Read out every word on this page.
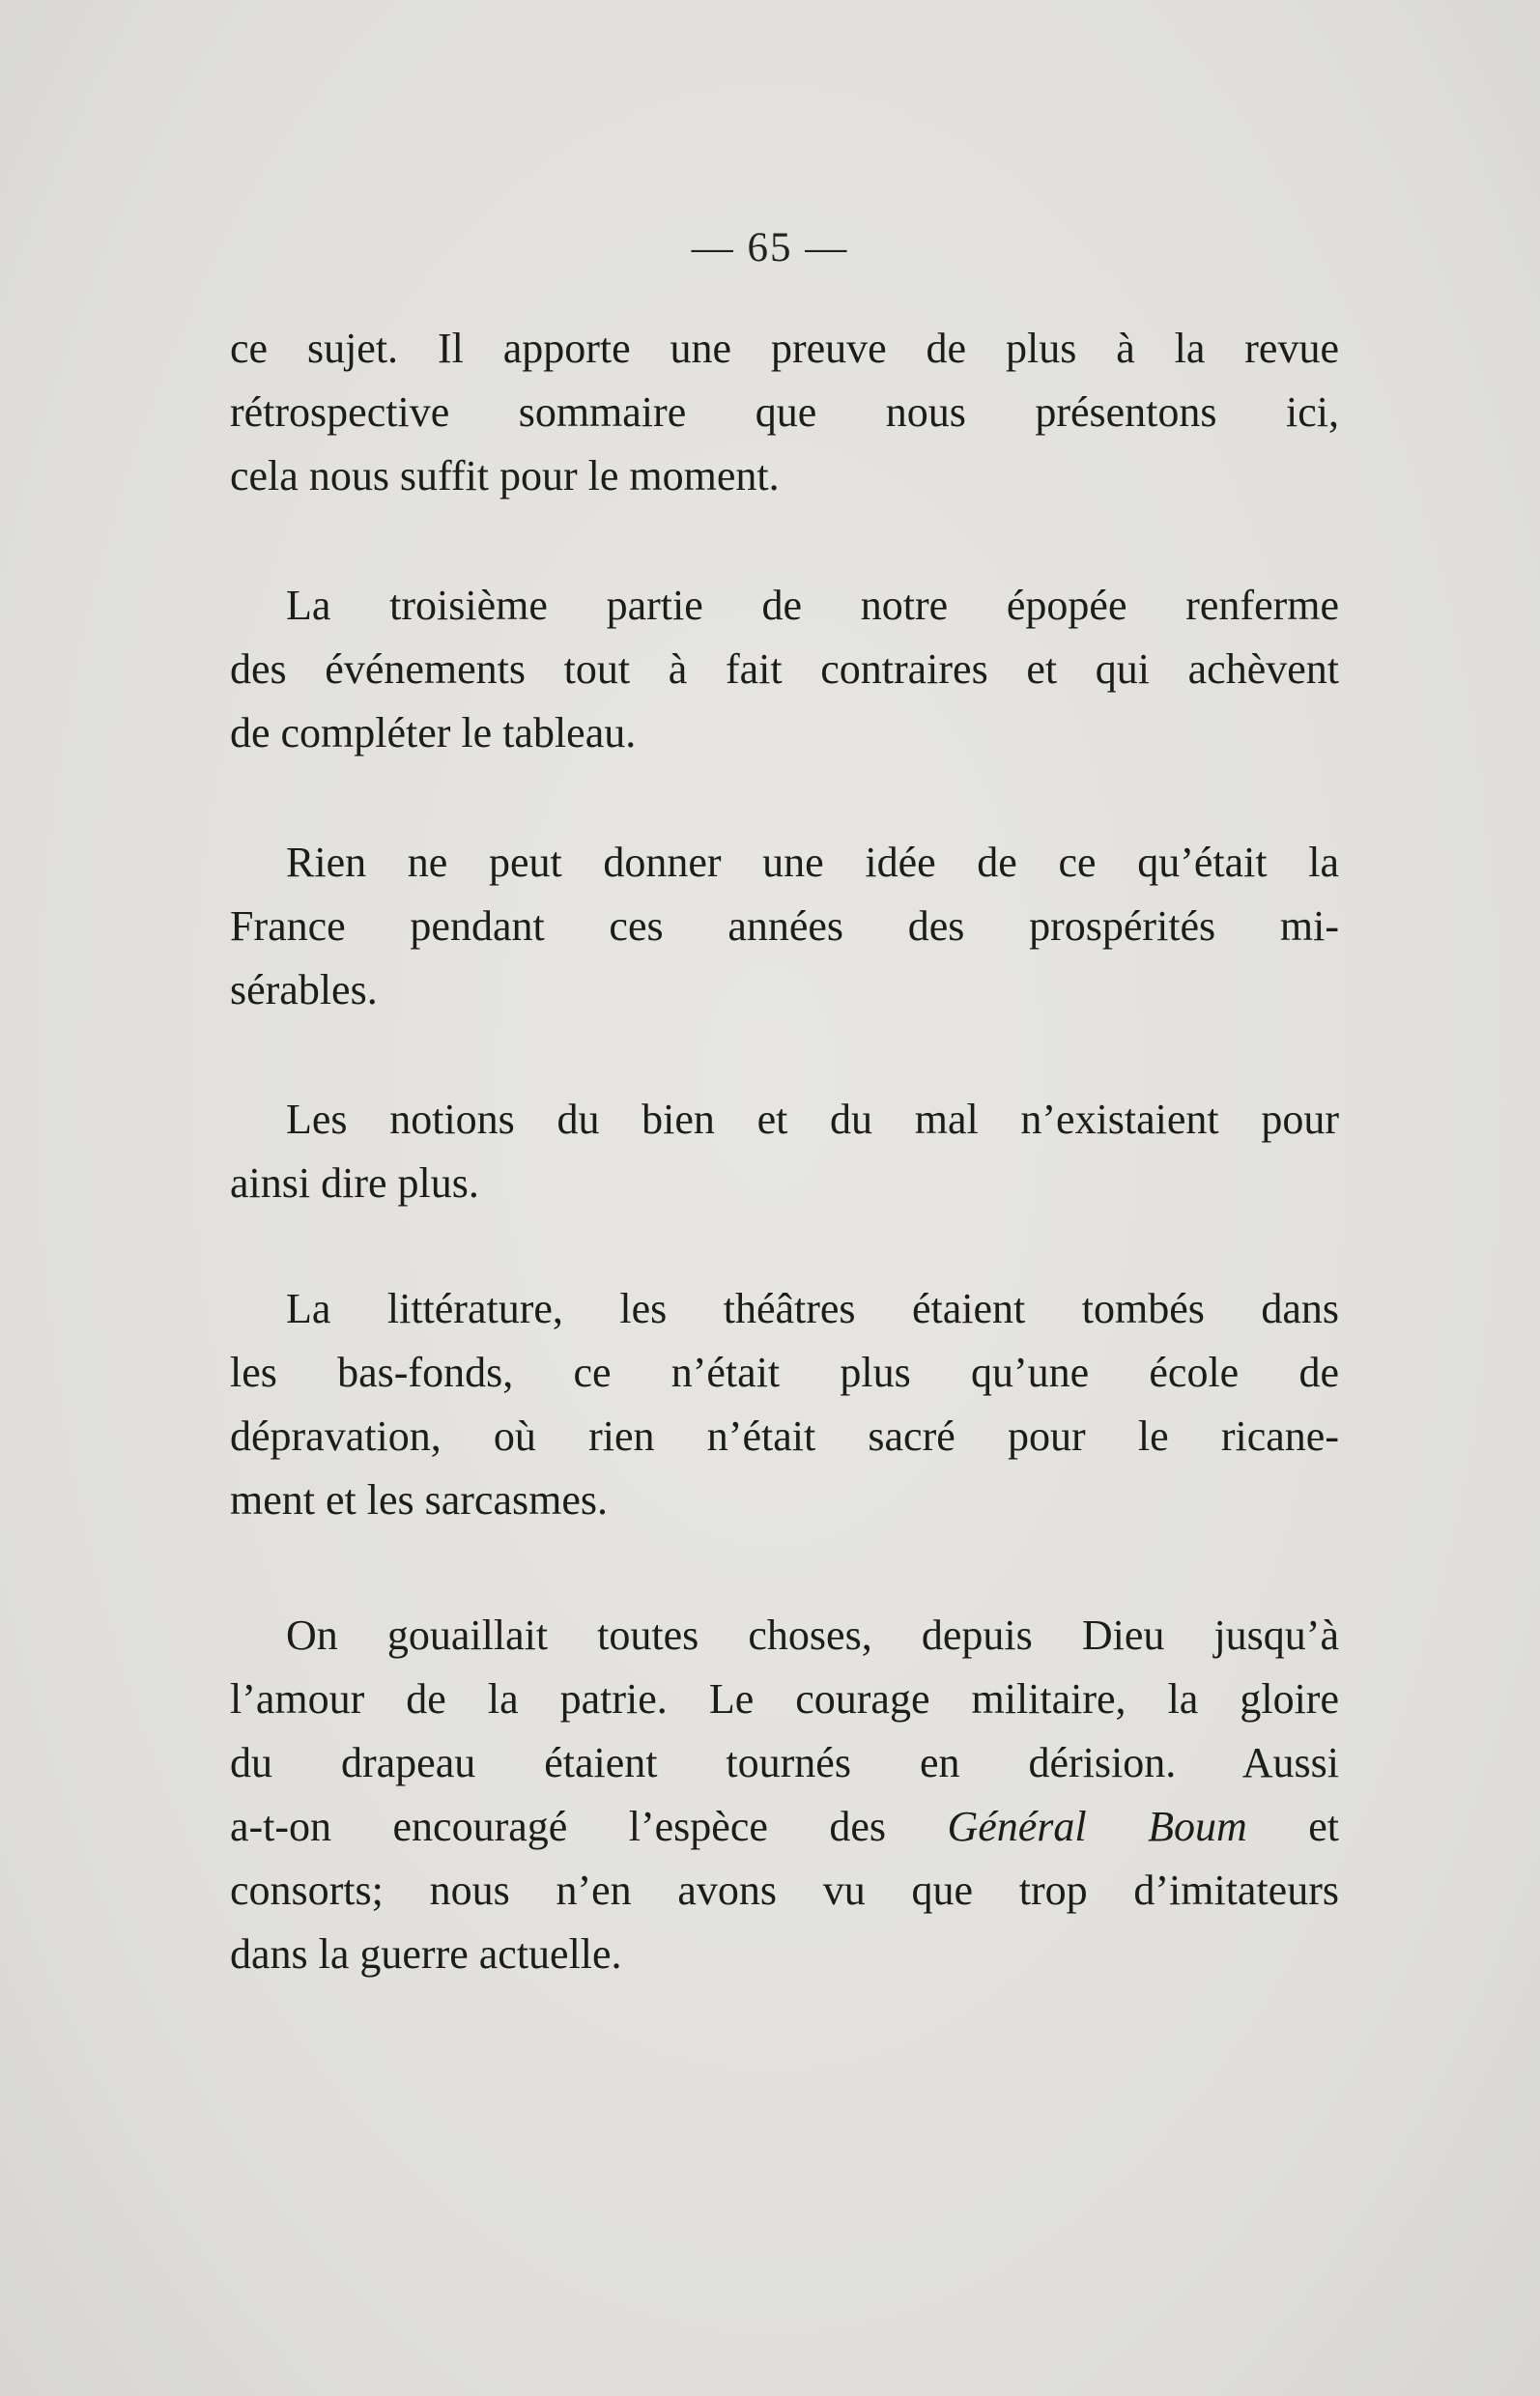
— 65 —
ce sujet. Il apporte une preuve de plus à la revue
rétrospective sommaire que nous présentons ici,
cela nous suffit pour le moment.
La troisième partie de notre épopée renferme
des événements tout à fait contraires et qui achèvent
de compléter le tableau.
Rien ne peut donner une idée de ce qu’était la
France pendant ces années des prospérités mi-
sérables.
Les notions du bien et du mal n’existaient pour
ainsi dire plus.
La littérature, les théâtres étaient tombés dans
les bas-fonds, ce n’était plus qu’une école de
dépravation, où rien n’était sacré pour le ricane-
ment et les sarcasmes.
On gouaillait toutes choses, depuis Dieu jusqu’à
l’amour de la patrie. Le courage militaire, la gloire
du drapeau étaient tournés en dérision. Aussi
a-t-on encouragé l’espèce des Général Boum et
consorts; nous n’en avons vu que trop d’imitateurs
dans la guerre actuelle.
